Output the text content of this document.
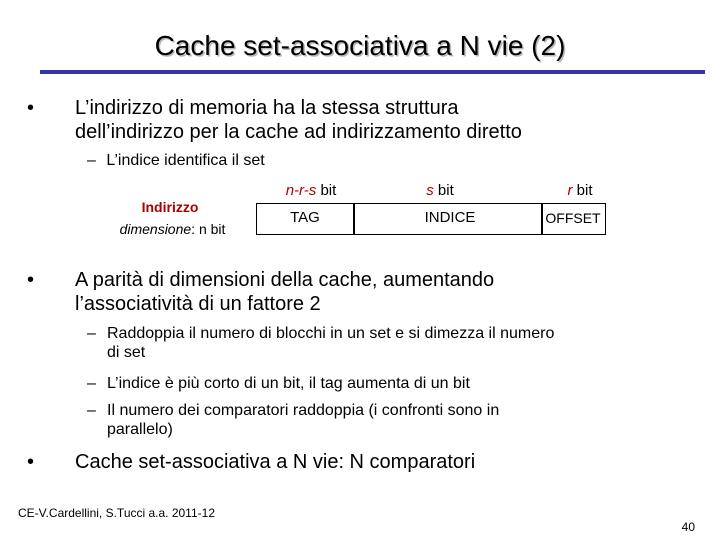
Cache set-associativa a N vie (2)
• L’indirizzo di memoria ha la stessa struttura
dell’indirizzo per la cache ad indirizzamento diretto
– L’indice identifica il set
Indirizzo
dimensione: n bit
n-r-s bit	s bit	r bit
TAG	INDICE	OFFSET
• A parità di dimensioni della cache, aumentando
l’associatività di un fattore 2
– Raddoppia il numero di blocchi in un set e si dimezza il numero
di set
– L’indice è più corto di un bit, il tag aumenta di un bit
– Il numero dei comparatori raddoppia (i confronti sono in
parallelo)
• Cache set-associativa a N vie: N comparatori
CE-V.Cardellini, S.Tucci a.a. 2011-12
40
